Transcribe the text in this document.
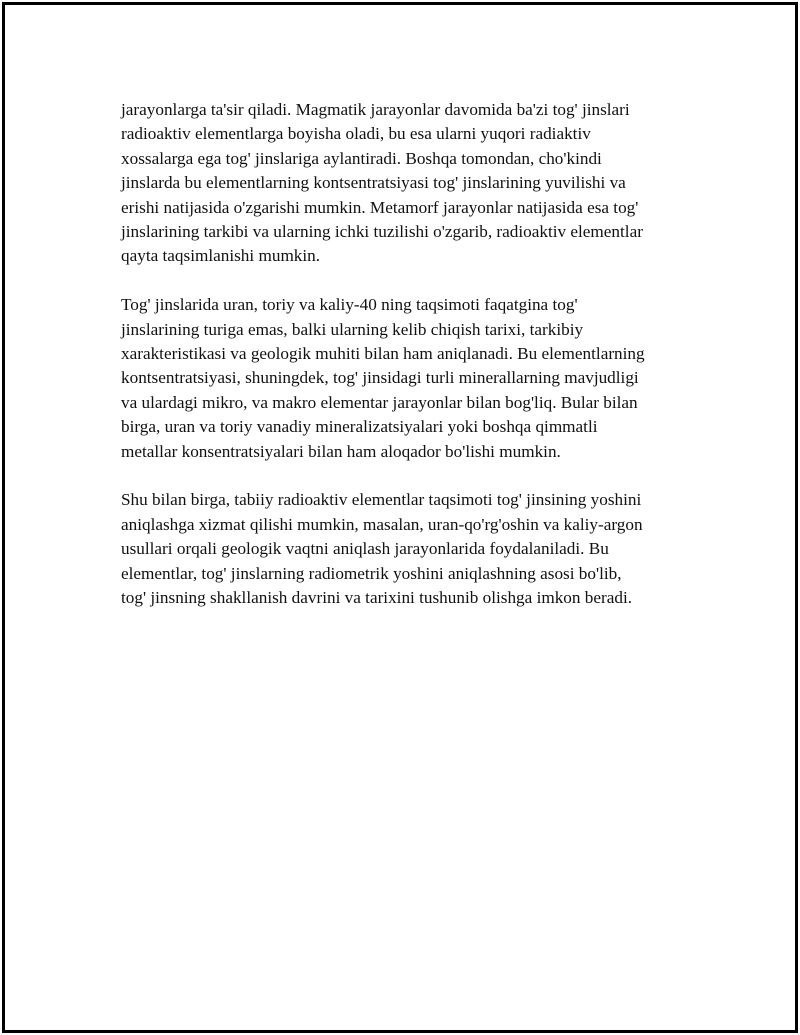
jarayonlarga ta'sir qiladi. Magmatik jarayonlar davomida ba'zi tog' jinslari
radioaktiv elementlarga boyisha oladi, bu esa ularni yuqori radiaktiv
xossalarga ega tog' jinslariga aylantiradi. Boshqa tomondan, cho'kindi
jinslarda bu elementlarning kontsentratsiyasi tog' jinslarining yuvilishi va
erishi natijasida o'zgarishi mumkin. Metamorf jarayonlar natijasida esa tog'
jinslarining tarkibi va ularning ichki tuzilishi o'zgarib, radioaktiv elementlar
qayta taqsimlanishi mumkin.

Tog' jinslarida uran, toriy va kaliy-40 ning taqsimoti faqatgina tog'
jinslarining turiga emas, balki ularning kelib chiqish tarixi, tarkibiy
xarakteristikasi va geologik muhiti bilan ham aniqlanadi. Bu elementlarning
kontsentratsiyasi, shuningdek, tog' jinsidagi turli minerallarning mavjudligi
va ulardagi mikro, va makro elementar jarayonlar bilan bog'liq. Bular bilan
birga, uran va toriy vanadiy mineralizatsiyalari yoki boshqa qimmatli
metallar konsentratsiyalari bilan ham aloqador bo'lishi mumkin.

Shu bilan birga, tabiiy radioaktiv elementlar taqsimoti tog' jinsining yoshini
aniqlashga xizmat qilishi mumkin, masalan, uran-qo'rg'oshin va kaliy-argon
usullari orqali geologik vaqtni aniqlash jarayonlarida foydalaniladi. Bu
elementlar, tog' jinslarning radiometrik yoshini aniqlashning asosi bo'lib,
tog' jinsning shakllanish davrini va tarixini tushunib olishga imkon beradi.
